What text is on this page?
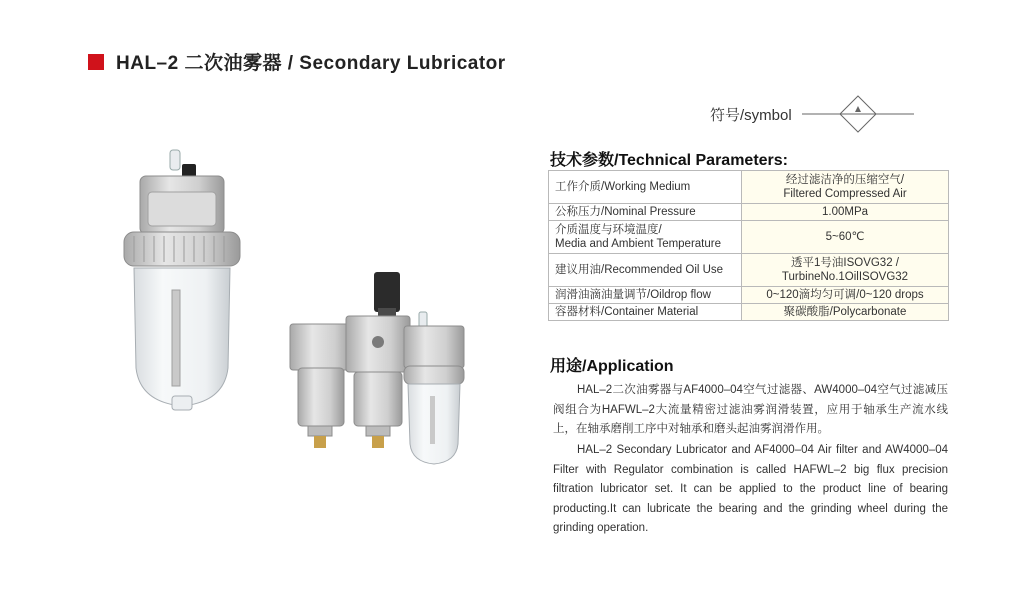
HAL–2 二次油雾器 / Secondary Lubricator
符号/symbol
技术参数/Technical Parameters:
工作介质/Working Medium	经过滤洁净的压缩空气/
Filtered Compressed Air

公称压力/Nominal Pressure	1.00MPa

介质温度与环境温度/
Media and Ambient Temperature	5~60℃
建议用油/Recommended Oil Use	透平1号油ISOVG32 /
TurbineNo.1OilISOVG32

润滑油滴油量调节/Oildrop flow	0~120滴均匀可调/0~120 drops
容器材料/Container Material	聚碳酸脂/Polycarbonate
用途/Application

HAL–2二次油雾器与AF4000–04空气过滤器、AW4000–04空气过滤减压阀组合为HAFWL–2大流量精密过滤油雾润滑装置，应用于轴承生产流水线上，在轴承磨削工序中对轴承和磨头起油雾润滑作用。

HAL–2 Secondary Lubricator and AF4000–04 Air filter and AW4000–04 Filter with Regulator combination is called HAFWL–2 big flux precision filtration lubricator set. It can be applied to the product line of bearing producting.It can lubricate the bearing and the grinding wheel during the grinding operation.
